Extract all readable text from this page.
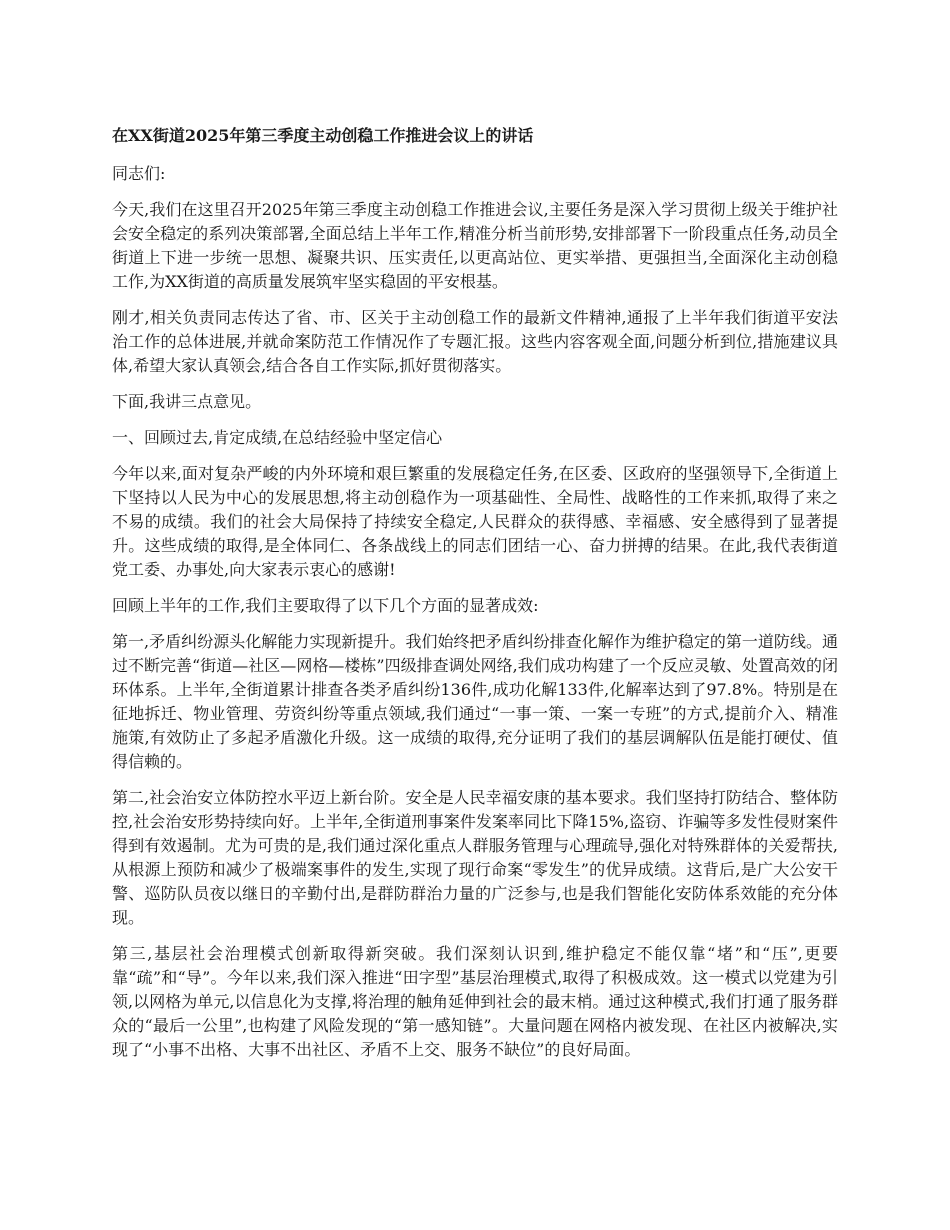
在XX街道2025年第三季度主动创稳工作推进会议上的讲话

同志们:

今天,我们在这里召开2025年第三季度主动创稳工作推进会议,主要任务是深入学习贯彻上级关于维护社会安全稳定的系列决策部署,全面总结上半年工作,精准分析当前形势,安排部署下一阶段重点任务,动员全街道上下进一步统一思想、凝聚共识、压实责任,以更高站位、更实举措、更强担当,全面深化主动创稳工作,为XX街道的高质量发展筑牢坚实稳固的平安根基。

刚才,相关负责同志传达了省、市、区关于主动创稳工作的最新文件精神,通报了上半年我们街道平安法治工作的总体进展,并就命案防范工作情况作了专题汇报。这些内容客观全面,问题分析到位,措施建议具体,希望大家认真领会,结合各自工作实际,抓好贯彻落实。

下面,我讲三点意见。

一、回顾过去,肯定成绩,在总结经验中坚定信心

今年以来,面对复杂严峻的内外环境和艰巨繁重的发展稳定任务,在区委、区政府的坚强领导下,全街道上下坚持以人民为中心的发展思想,将主动创稳作为一项基础性、全局性、战略性的工作来抓,取得了来之不易的成绩。我们的社会大局保持了持续安全稳定,人民群众的获得感、幸福感、安全感得到了显著提升。这些成绩的取得,是全体同仁、各条战线上的同志们团结一心、奋力拼搏的结果。在此,我代表街道党工委、办事处,向大家表示衷心的感谢!

回顾上半年的工作,我们主要取得了以下几个方面的显著成效:

第一,矛盾纠纷源头化解能力实现新提升。我们始终把矛盾纠纷排查化解作为维护稳定的第一道防线。通过不断完善“街道—社区—网格—楼栋”四级排查调处网络,我们成功构建了一个反应灵敏、处置高效的闭环体系。上半年,全街道累计排查各类矛盾纠纷136件,成功化解133件,化解率达到了97.8%。特别是在征地拆迁、物业管理、劳资纠纷等重点领域,我们通过“一事一策、一案一专班”的方式,提前介入、精准施策,有效防止了多起矛盾激化升级。这一成绩的取得,充分证明了我们的基层调解队伍是能打硬仗、值得信赖的。

第二,社会治安立体防控水平迈上新台阶。安全是人民幸福安康的基本要求。我们坚持打防结合、整体防控,社会治安形势持续向好。上半年,全街道刑事案件发案率同比下降15%,盗窃、诈骗等多发性侵财案件得到有效遏制。尤为可贵的是,我们通过深化重点人群服务管理与心理疏导,强化对特殊群体的关爱帮扶,从根源上预防和减少了极端案事件的发生,实现了现行命案“零发生”的优异成绩。这背后,是广大公安干警、巡防队员夜以继日的辛勤付出,是群防群治力量的广泛参与,也是我们智能化安防体系效能的充分体现。

第三,基层社会治理模式创新取得新突破。我们深刻认识到,维护稳定不能仅靠“堵”和“压”,更要靠“疏”和“导”。今年以来,我们深入推进“田字型”基层治理模式,取得了积极成效。这一模式以党建为引领,以网格为单元,以信息化为支撑,将治理的触角延伸到社会的最末梢。通过这种模式,我们打通了服务群众的“最后一公里”,也构建了风险发现的“第一感知链”。大量问题在网格内被发现、在社区内被解决,实现了“小事不出格、大事不出社区、矛盾不上交、服务不缺位”的良好局面。
